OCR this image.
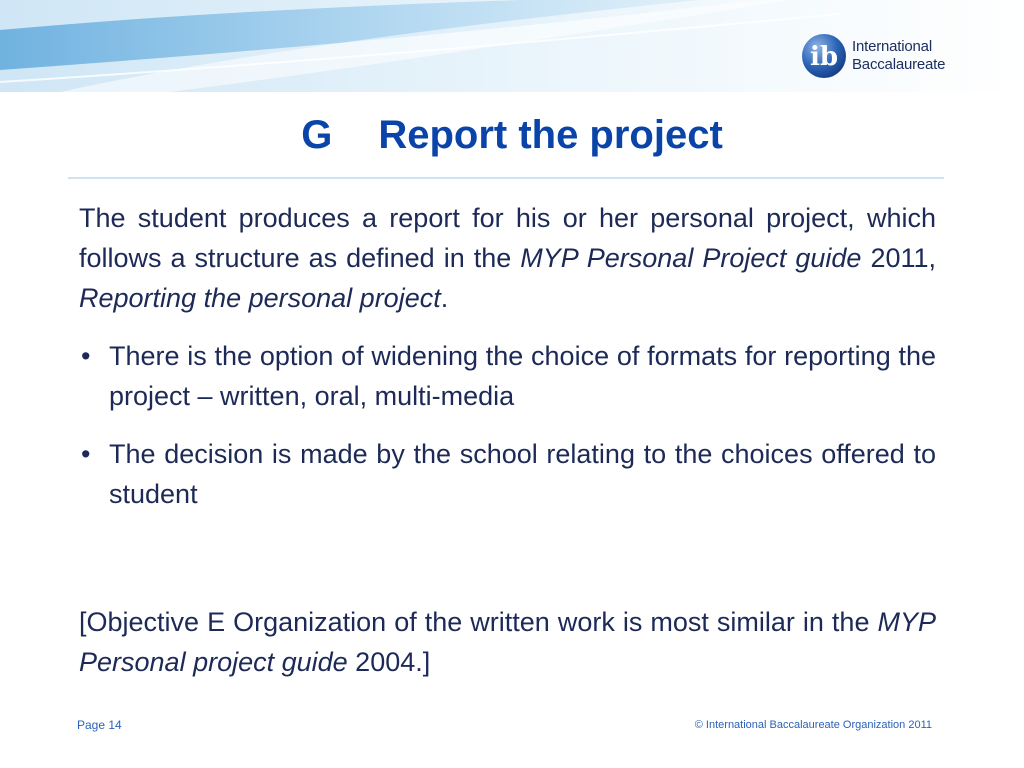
ib International
Baccalaureate
G Report the project

The student produces a report for his or her personal project, which follows a structure as defined in the MYP Personal Project guide 2011, Reporting the personal project.

• There is the option of widening the choice of formats for reporting the project – written, oral, multi-media
• The decision is made by the school relating to the choices offered to student

[Objective E Organization of the written work is most similar in the MYP Personal project guide 2004.]

Page 14	© International Baccalaureate Organization 2011
